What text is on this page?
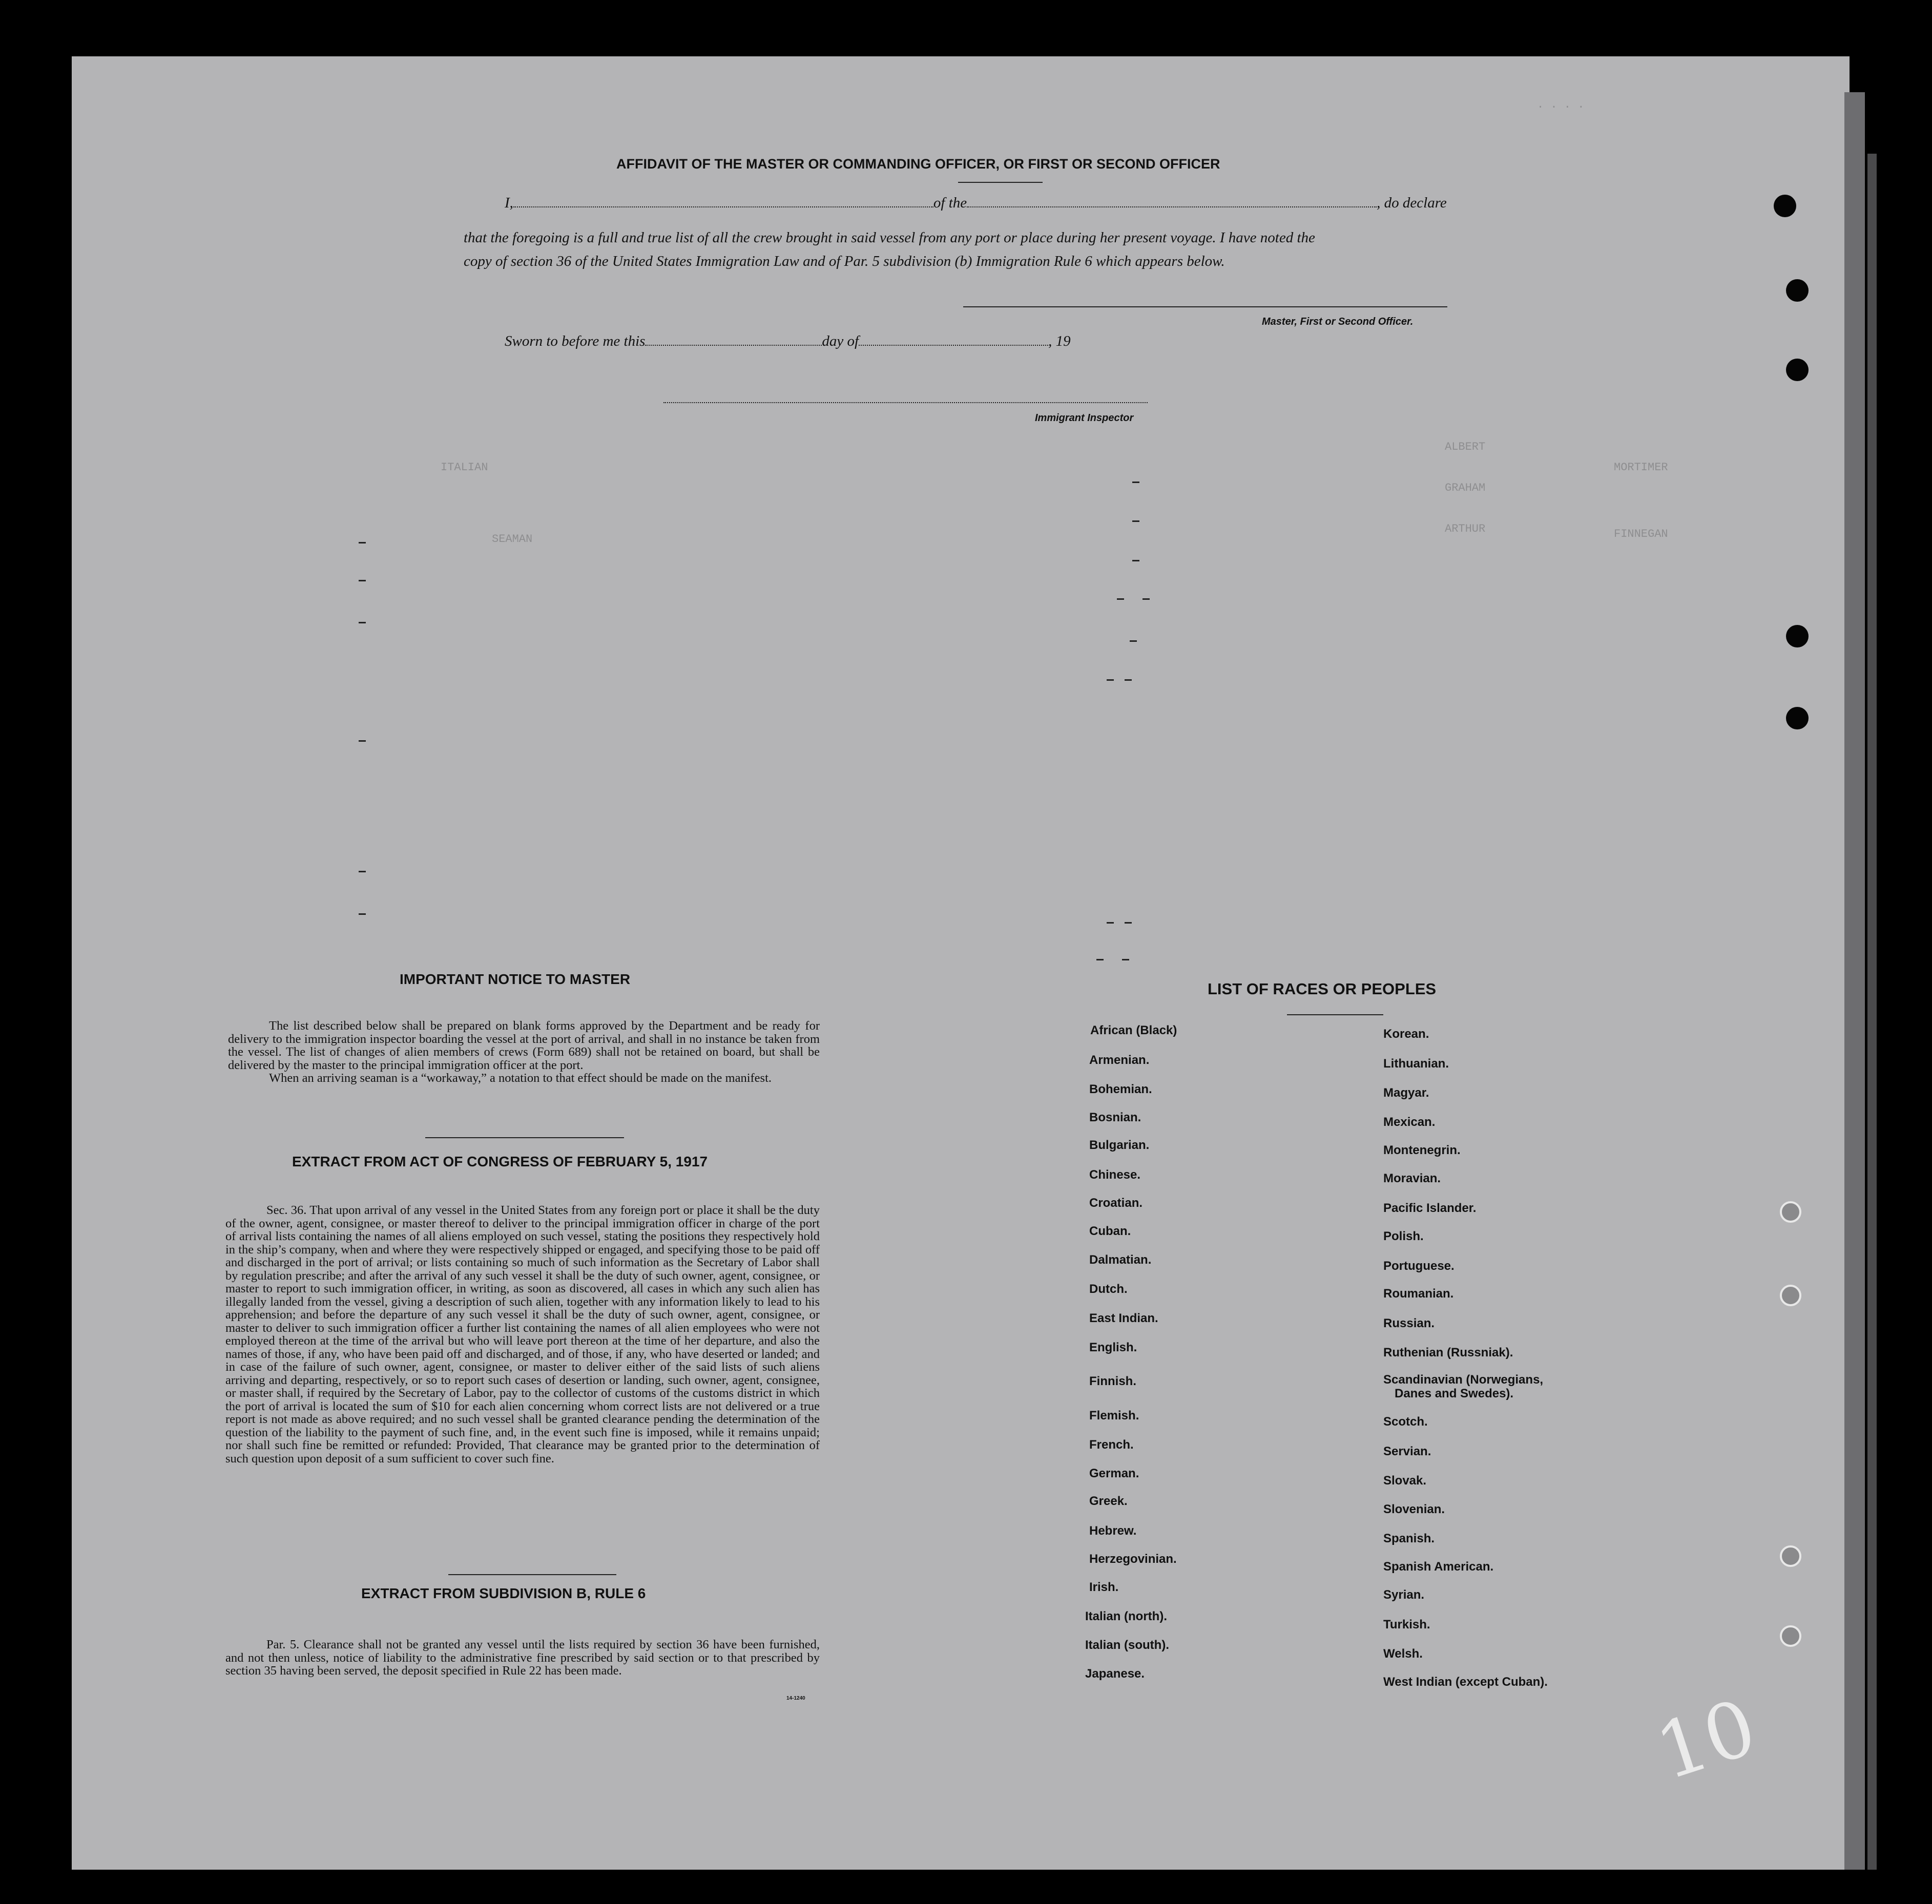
. . . .
ALBERT
GRAHAM
ARTHUR
MORTIMER
FINNEGAN
ITALIAN
SEAMAN
AFFIDAVIT OF THE MASTER OR COMMANDING OFFICER, OR FIRST OR SECOND OFFICER
I,	of the	, do declare
that the foregoing is a full and true list of all the crew brought in said vessel from any port or place during her present voyage. I have noted the
copy of section 36 of the United States Immigration Law and of Par. 5 subdivision (b) Immigration Rule 6 which appears below.
Master, First or Second Officer.
Sworn to before me this	day of	, 19
Immigrant Inspector
IMPORTANT NOTICE TO MASTER

The list described below shall be prepared on blank forms approved by the Department and be ready for delivery to the immigration inspector boarding the vessel at the port of arrival, and shall in no instance be taken from the vessel. The list of changes of alien members of crews (Form 689) shall not be retained on board, but shall be delivered by the master to the principal immigration officer at the port.

When an arriving seaman is a “workaway,” a notation to that effect should be made on the manifest.

EXTRACT FROM ACT OF CONGRESS OF FEBRUARY 5, 1917

Sec. 36. That upon arrival of any vessel in the United States from any foreign port or place it shall be the duty of the owner, agent, consignee, or master thereof to deliver to the principal immigration officer in charge of the port of arrival lists containing the names of all aliens employed on such vessel, stating the positions they respectively hold in the ship’s company, when and where they were respectively shipped or engaged, and specifying those to be paid off and discharged in the port of arrival; or lists containing so much of such information as the Secretary of Labor shall by regulation prescribe; and after the arrival of any such vessel it shall be the duty of such owner, agent, consignee, or master to report to such immigration officer, in writing, as soon as discovered, all cases in which any such alien has illegally landed from the vessel, giving a description of such alien, together with any information likely to lead to his apprehension; and before the departure of any such vessel it shall be the duty of such owner, agent, consignee, or master to deliver to such immigration officer a further list containing the names of all alien employees who were not employed thereon at the time of the arrival but who will leave port thereon at the time of her departure, and also the names of those, if any, who have been paid off and discharged, and of those, if any, who have deserted or landed; and in case of the failure of such owner, agent, consignee, or master to deliver either of the said lists of such aliens arriving and departing, respectively, or so to report such cases of desertion or landing, such owner, agent, consignee, or master shall, if required by the Secretary of Labor, pay to the collector of customs of the customs district in which the port of arrival is located the sum of $10 for each alien concerning whom correct lists are not delivered or a true report is not made as above required; and no such vessel shall be granted clearance pending the determination of the question of the liability to the payment of such fine, and, in the event such fine is imposed, while it remains unpaid; nor shall such fine be remitted or refunded: Provided, That clearance may be granted prior to the determination of such question upon deposit of a sum sufficient to cover such fine.

EXTRACT FROM SUBDIVISION B, RULE 6

Par. 5. Clearance shall not be granted any vessel until the lists required by section 36 have been furnished, and not then unless, notice of liability to the administrative fine prescribed by said section or to that prescribed by section 35 having been served, the deposit specified in Rule 22 has been made.

14-1240
LIST OF RACES OR PEOPLES
African (Black)
Armenian.
Bohemian.
Bosnian.
Bulgarian.
Chinese.
Croatian.
Cuban.
Dalmatian.
Dutch.
East Indian.
English.
Finnish.
Flemish.
French.
German.
Greek.
Hebrew.
Herzegovinian.
Irish.
Italian (north).
Italian (south).
Japanese.
Korean.
Lithuanian.
Magyar.
Mexican.
Montenegrin.
Moravian.
Pacific Islander.
Polish.
Portuguese.
Roumanian.
Russian.
Ruthenian (Russniak).
Scandinavian (Norwegians,
Danes and Swedes).
Scotch.
Servian.
Slovak.
Slovenian.
Spanish.
Spanish American.
Syrian.
Turkish.
Welsh.
West Indian (except Cuban).
10
